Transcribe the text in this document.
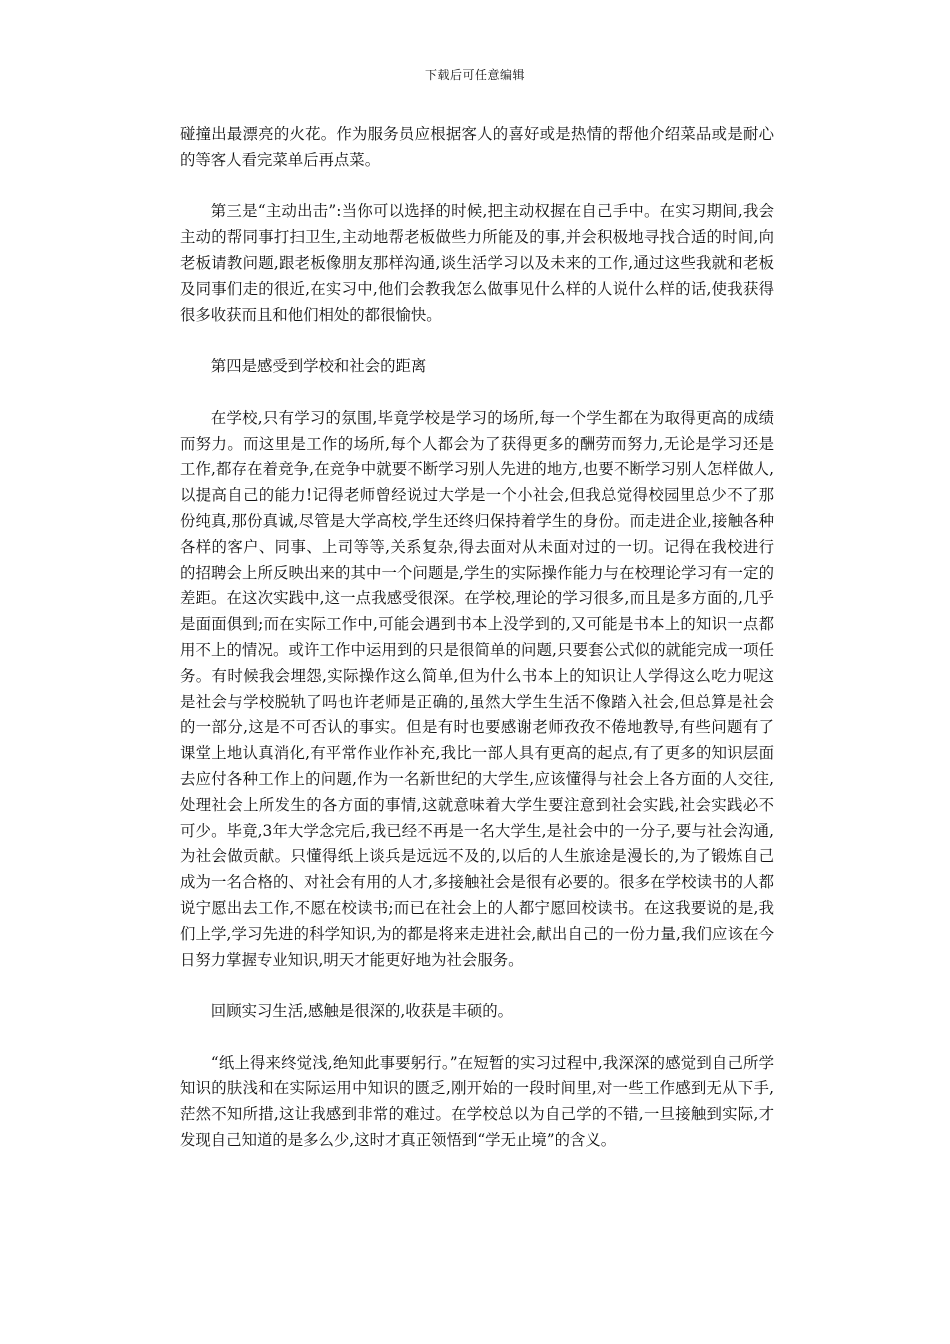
下载后可任意编辑

碰撞出最漂亮的火花。作为服务员应根据客人的喜好或是热情的帮他介绍菜品或是耐心的等客人看完菜单后再点菜。

第三是“主动出击”:当你可以选择的时候,把主动权握在自己手中。在实习期间,我会主动的帮同事打扫卫生,主动地帮老板做些力所能及的事,并会积极地寻找合适的时间,向老板请教问题,跟老板像朋友那样沟通,谈生活学习以及未来的工作,通过这些我就和老板及同事们走的很近,在实习中,他们会教我怎么做事见什么样的人说什么样的话,使我获得很多收获而且和他们相处的都很愉快。

第四是感受到学校和社会的距离

在学校,只有学习的氛围,毕竟学校是学习的场所,每一个学生都在为取得更高的成绩而努力。而这里是工作的场所,每个人都会为了获得更多的酬劳而努力,无论是学习还是工作,都存在着竞争,在竞争中就要不断学习别人先进的地方,也要不断学习别人怎样做人,以提高自己的能力!记得老师曾经说过大学是一个小社会,但我总觉得校园里总少不了那份纯真,那份真诚,尽管是大学高校,学生还终归保持着学生的身份。而走进企业,接触各种各样的客户、同事、上司等等,关系复杂,得去面对从未面对过的一切。记得在我校进行的招聘会上所反映出来的其中一个问题是,学生的实际操作能力与在校理论学习有一定的差距。在这次实践中,这一点我感受很深。在学校,理论的学习很多,而且是多方面的,几乎是面面俱到;而在实际工作中,可能会遇到书本上没学到的,又可能是书本上的知识一点都用不上的情况。或许工作中运用到的只是很简单的问题,只要套公式似的就能完成一项任务。有时候我会埋怨,实际操作这么简单,但为什么书本上的知识让人学得这么吃力呢这是社会与学校脱轨了吗也许老师是正确的,虽然大学生生活不像踏入社会,但总算是社会的一部分,这是不可否认的事实。但是有时也要感谢老师孜孜不倦地教导,有些问题有了课堂上地认真消化,有平常作业作补充,我比一部人具有更高的起点,有了更多的知识层面去应付各种工作上的问题,作为一名新世纪的大学生,应该懂得与社会上各方面的人交往,处理社会上所发生的各方面的事情,这就意味着大学生要注意到社会实践,社会实践必不可少。毕竟,3年大学念完后,我已经不再是一名大学生,是社会中的一分子,要与社会沟通,为社会做贡献。只懂得纸上谈兵是远远不及的,以后的人生旅途是漫长的,为了锻炼自己成为一名合格的、对社会有用的人才,多接触社会是很有必要的。很多在学校读书的人都说宁愿出去工作,不愿在校读书;而已在社会上的人都宁愿回校读书。在这我要说的是,我们上学,学习先进的科学知识,为的都是将来走进社会,献出自己的一份力量,我们应该在今日努力掌握专业知识,明天才能更好地为社会服务。

回顾实习生活,感触是很深的,收获是丰硕的。

“纸上得来终觉浅,绝知此事要躬行。”在短暂的实习过程中,我深深的感觉到自己所学知识的肤浅和在实际运用中知识的匮乏,刚开始的一段时间里,对一些工作感到无从下手,茫然不知所措,这让我感到非常的难过。在学校总以为自己学的不错,一旦接触到实际,才发现自己知道的是多么少,这时才真正领悟到“学无止境”的含义。
